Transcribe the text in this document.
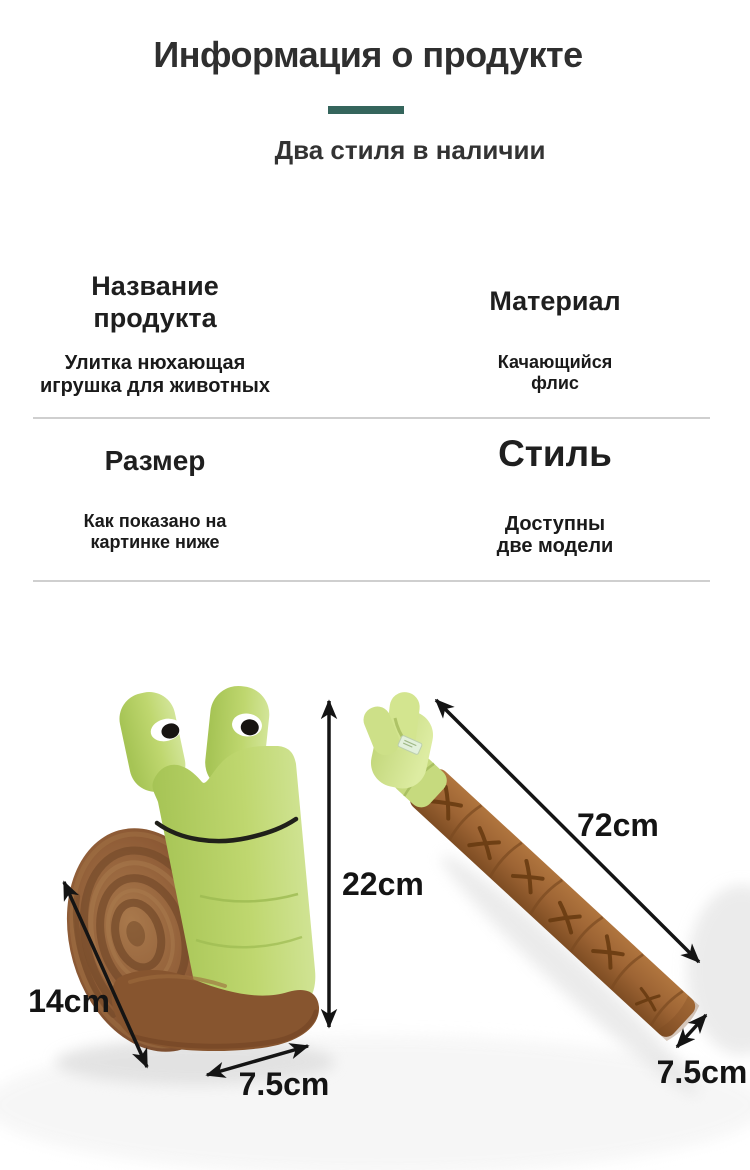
Информация о продукте
Два стиля в наличии
Название
продукта
Улитка нюхающая
игрушка для животных
Материал
Качающийся
флис
Размер
Как показано на
картинке ниже
Стиль
Доступны
две модели
22cm
14cm
7.5cm
72cm
7.5cm
